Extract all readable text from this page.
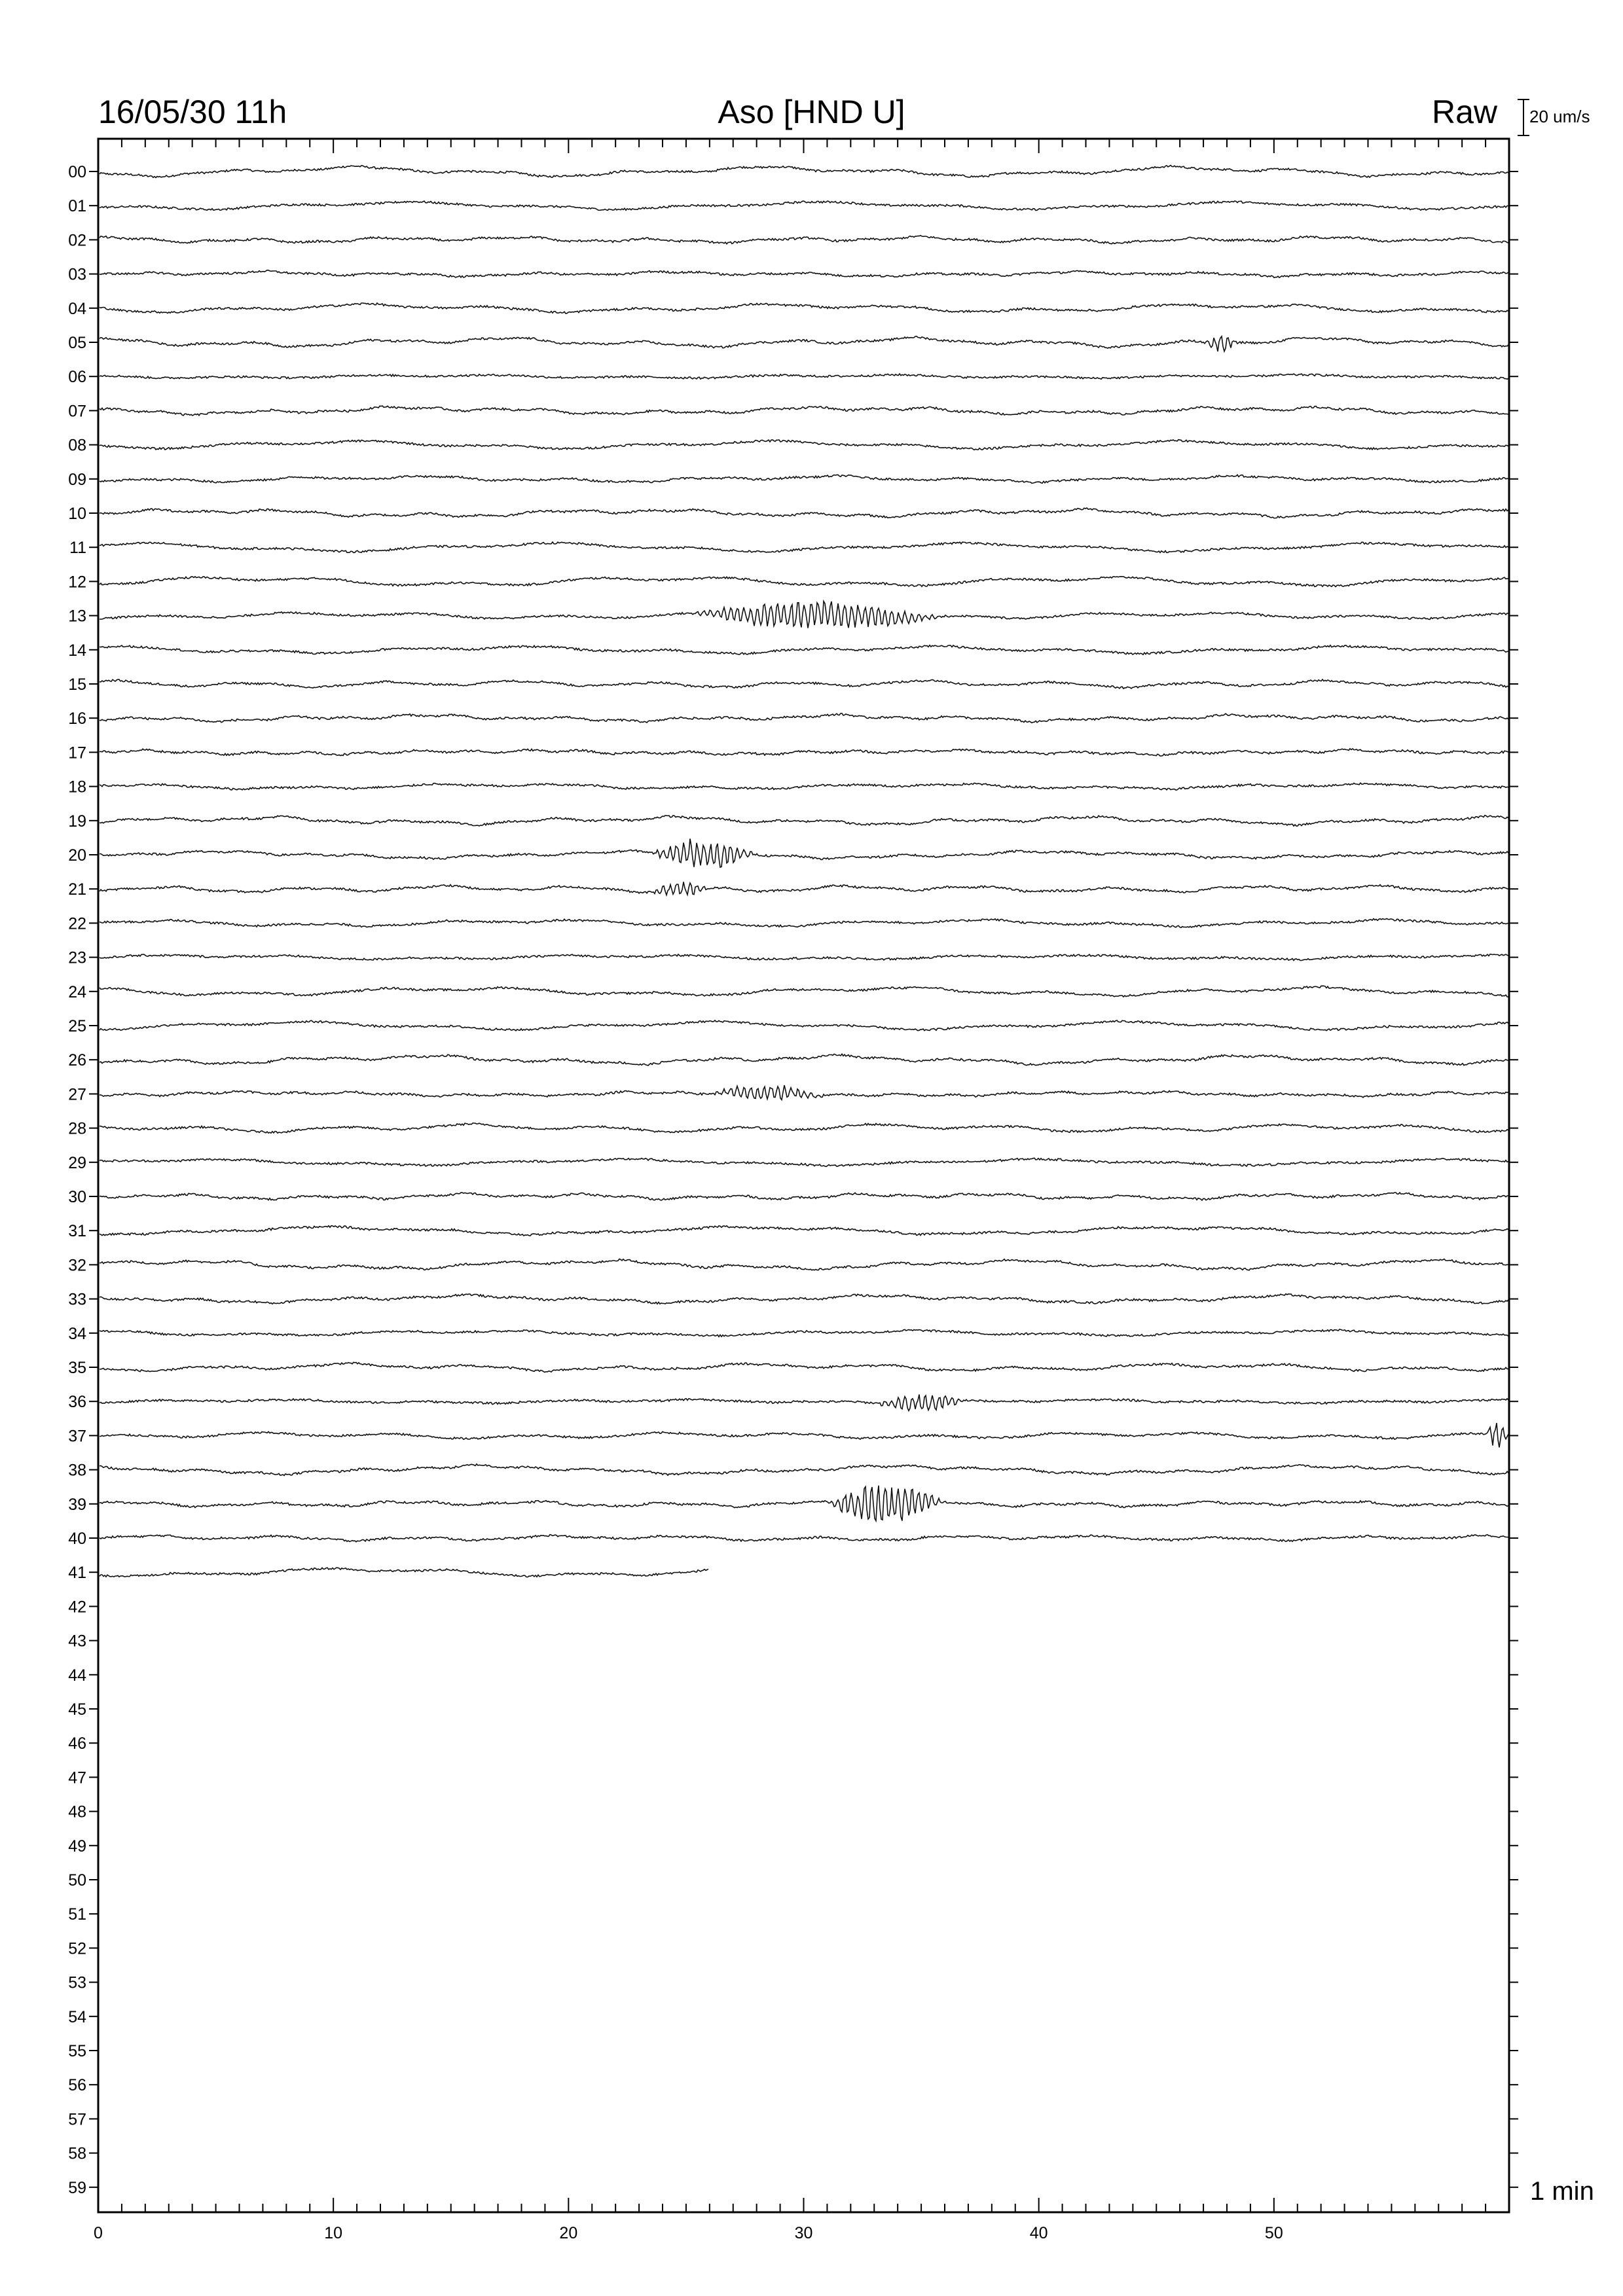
16/05/30 11h	Aso [HND U]	Raw 20 um/s
1 min
0	10	20	30	40	50
00
01
02
03
04
05
06
07
08
09
10
11
12
13
14
15
16
17
18
19
20
21
22
23
24
25
26
27
28
29
30
31
32
33
34
35
36
37
38
39
40
41
42
43
44
45
46
47
48
49
50
51
52
53
54
55
56
57
58
59
